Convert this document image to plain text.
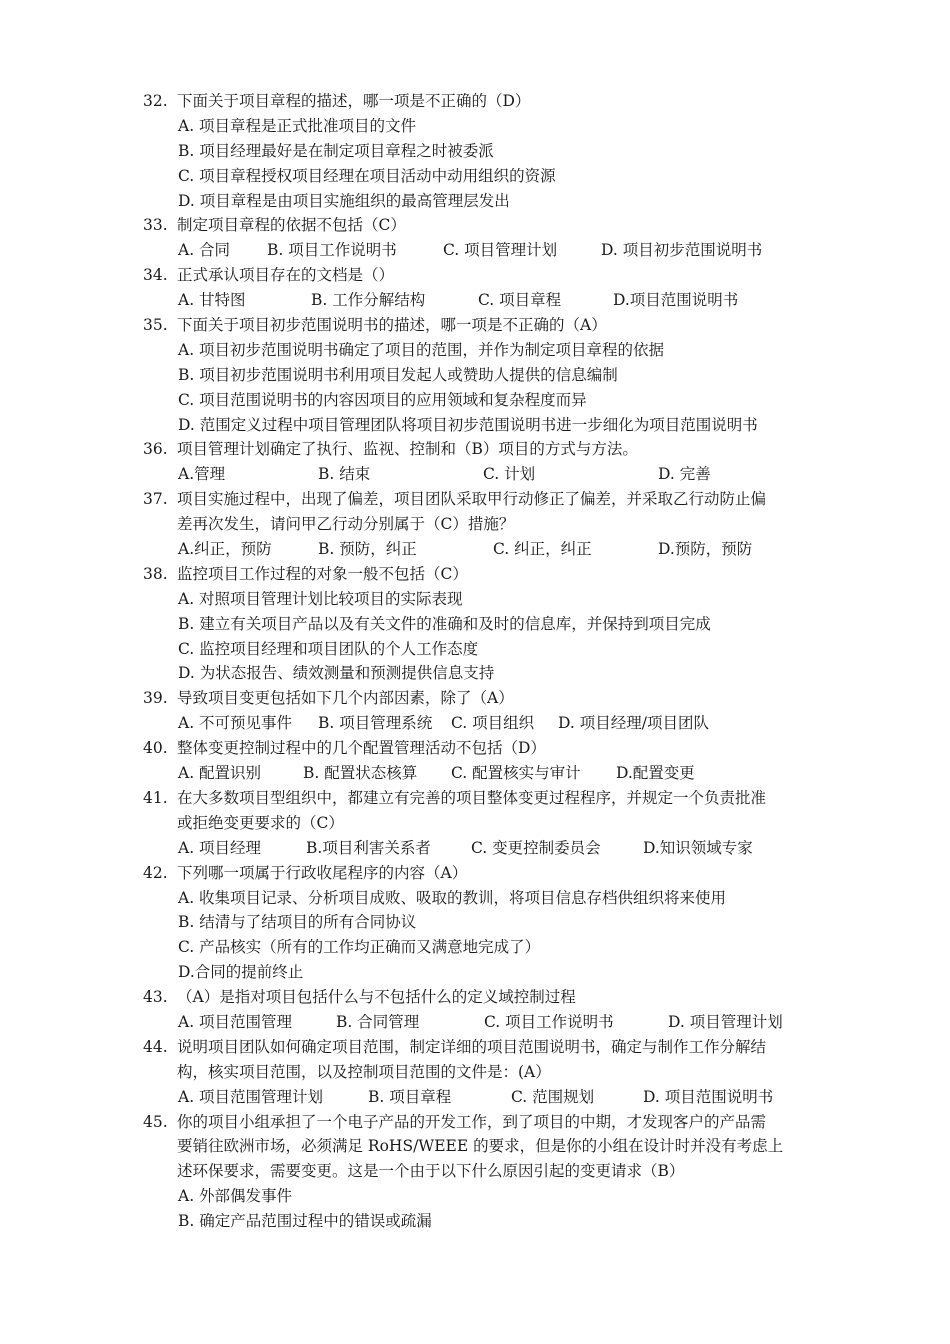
32. 下面关于项目章程的描述，哪一项是不正确的（D）
A. 项目章程是正式批准项目的文件
B. 项目经理最好是在制定项目章程之时被委派
C. 项目章程授权项目经理在项目活动中动用组织的资源
D. 项目章程是由项目实施组织的最高管理层发出
33. 制定项目章程的依据不包括（C）
A. 合同 B. 项目工作说明书	C. 项目管理计划	D. 项目初步范围说明书
34. 正式承认项目存在的文档是（）
A. 甘特图	B. 工作分解结构	C. 项目章程	D.项目范围说明书
35. 下面关于项目初步范围说明书的描述，哪一项是不正确的（A）
A. 项目初步范围说明书确定了项目的范围，并作为制定项目章程的依据
B. 项目初步范围说明书利用项目发起人或赞助人提供的信息编制
C. 项目范围说明书的内容因项目的应用领域和复杂程度而异
D. 范围定义过程中项目管理团队将项目初步范围说明书进一步细化为项目范围说明书
36. 项目管理计划确定了执行、监视、控制和（B）项目的方式与方法。
A.管理	B. 结束	C. 计划	D. 完善
37. 项目实施过程中，出现了偏差，项目团队采取甲行动修正了偏差，并采取乙行动防止偏
差再次发生，请问甲乙行动分别属于（C）措施？
A.纠正，预防	B. 预防，纠正	C. 纠正，纠正	D.预防，预防
38. 监控项目工作过程的对象一般不包括（C）
A. 对照项目管理计划比较项目的实际表现
B. 建立有关项目产品以及有关文件的准确和及时的信息库，并保持到项目完成
C. 监控项目经理和项目团队的个人工作态度
D. 为状态报告、绩效测量和预测提供信息支持
39. 导致项目变更包括如下几个内部因素，除了（A）
A. 不可预见事件 B. 项目管理系统 C. 项目组织 D. 项目经理/项目团队
40. 整体变更控制过程中的几个配置管理活动不包括（D）
A. 配置识别	B. 配置状态核算 C. 配置核实与审计 D.配置变更
41. 在大多数项目型组织中，都建立有完善的项目整体变更过程程序，并规定一个负责批准
或拒绝变更要求的（C）
A. 项目经理	B.项目利害关系者	C. 变更控制委员会	D.知识领域专家
42. 下列哪一项属于行政收尾程序的内容（A）
A. 收集项目记录、分析项目成败、吸取的教训，将项目信息存档供组织将来使用
B. 结清与了结项目的所有合同协议
C. 产品核实（所有的工作均正确而又满意地完成了）
D.合同的提前终止
43. （A）是指对项目包括什么与不包括什么的定义域控制过程
A. 项目范围管理	B. 合同管理	C. 项目工作说明书	D. 项目管理计划
44. 说明项目团队如何确定项目范围，制定详细的项目范围说明书，确定与制作工作分解结
构，核实项目范围，以及控制项目范围的文件是：(A）
A. 项目范围管理计划	B. 项目章程	C. 范围规划	D. 项目范围说明书
45. 你的项目小组承担了一个电子产品的开发工作，到了项目的中期，才发现客户的产品需
要销往欧洲市场，必须满足 RoHS/WEEE 的要求，但是你的小组在设计时并没有考虑上
述环保要求，需要变更。这是一个由于以下什么原因引起的变更请求（B）
A. 外部偶发事件
B. 确定产品范围过程中的错误或疏漏
